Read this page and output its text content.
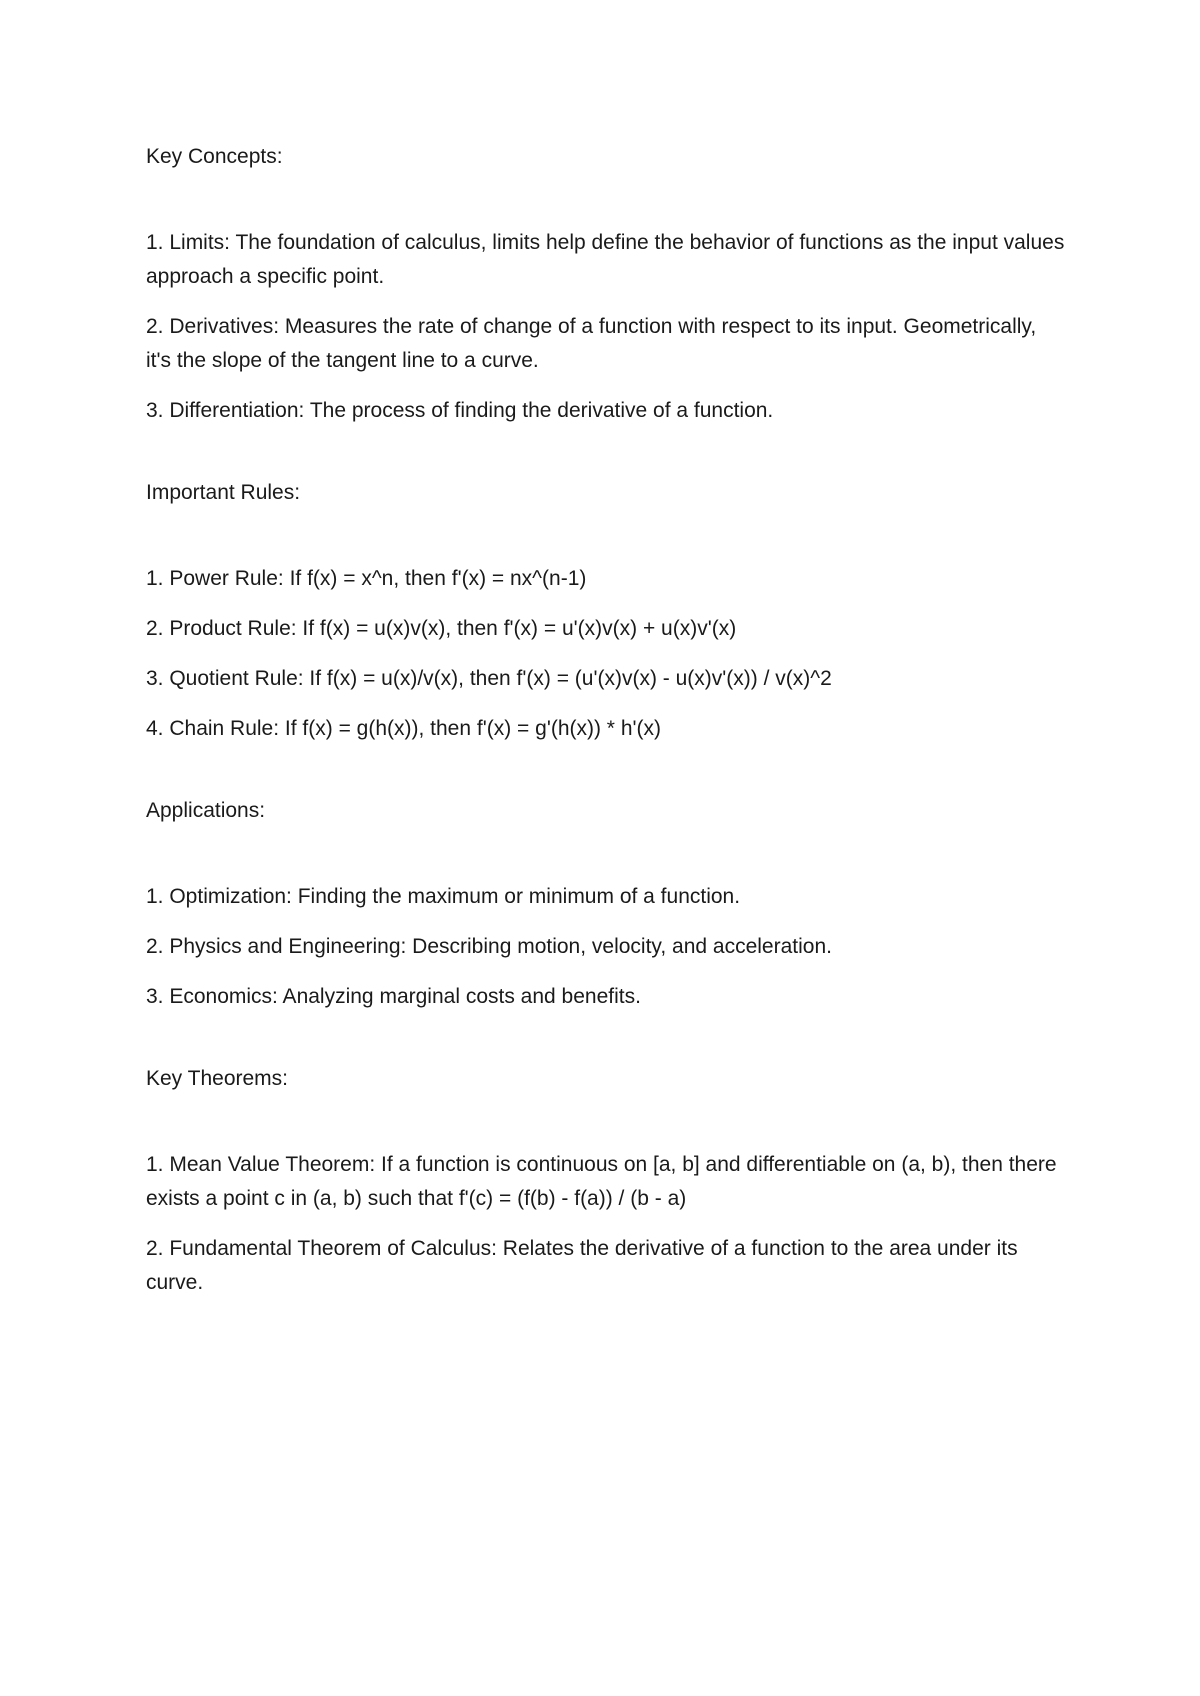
Key Concepts:

1. Limits: The foundation of calculus, limits help define the behavior of functions as the input values approach a specific point.

2. Derivatives: Measures the rate of change of a function with respect to its input. Geometrically, it's the slope of the tangent line to a curve.

3. Differentiation: The process of finding the derivative of a function.

Important Rules:

1. Power Rule: If f(x) = x^n, then f'(x) = nx^(n-1)

2. Product Rule: If f(x) = u(x)v(x), then f'(x) = u'(x)v(x) + u(x)v'(x)

3. Quotient Rule: If f(x) = u(x)/v(x), then f'(x) = (u'(x)v(x) - u(x)v'(x)) / v(x)^2

4. Chain Rule: If f(x) = g(h(x)), then f'(x) = g'(h(x)) * h'(x)

Applications:

1. Optimization: Finding the maximum or minimum of a function.

2. Physics and Engineering: Describing motion, velocity, and acceleration.

3. Economics: Analyzing marginal costs and benefits.

Key Theorems:

1. Mean Value Theorem: If a function is continuous on [a, b] and differentiable on (a, b), then there exists a point c in (a, b) such that f'(c) = (f(b) - f(a)) / (b - a)

2. Fundamental Theorem of Calculus: Relates the derivative of a function to the area under its curve.
